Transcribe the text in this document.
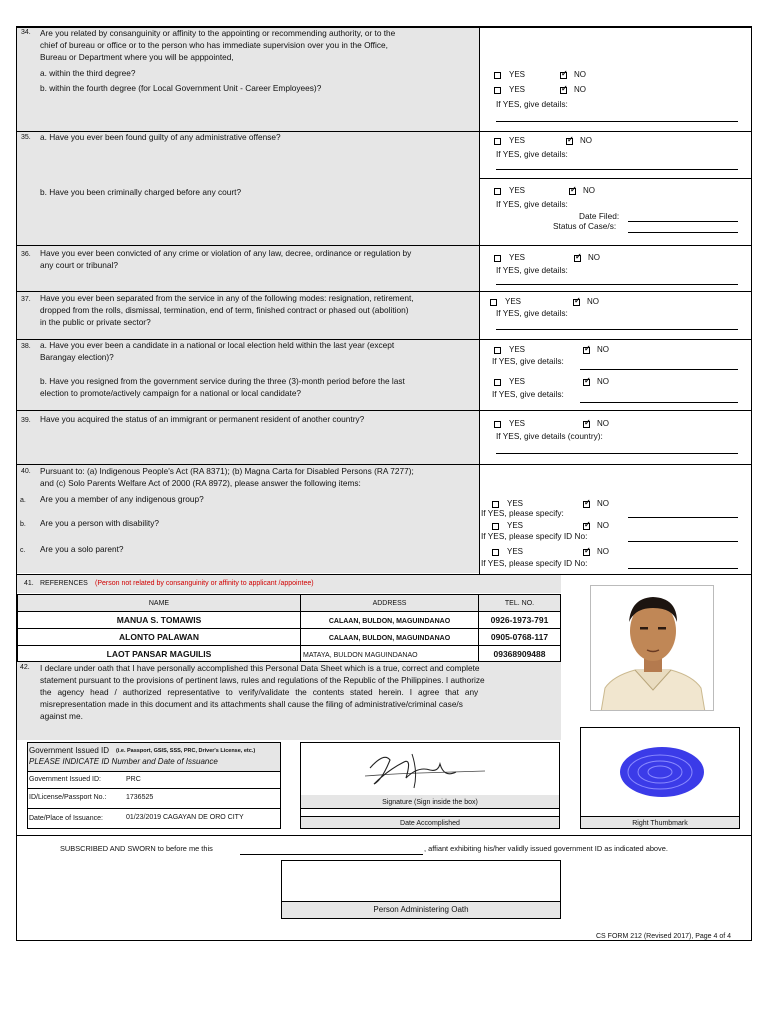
34. Are you related by consanguinity or affinity to the appointing or recommending authority, or to the
chief of bureau or office or to the person who has immediate supervision over you in the Office,
Bureau or Department where you will be apppointed,
a. within the third degree?
b. within the fourth degree (for Local Government Unit - Career Employees)?
YES ✓	NO
YES ✓	NO
If YES, give details:
35. a. Have you ever been found guilty of any administrative offense?
b. Have you been criminally charged before any court?
YES ✓	NO
If YES, give details:
YES ✓	NO
If YES, give details:
Date Filed:
Status of Case/s:
36. Have you ever been convicted of any crime or violation of any law, decree, ordinance or regulation by
any court or tribunal?
YES ✓	NO
If YES, give details:
37. Have you ever been separated from the service in any of the following modes: resignation, retirement,
dropped from the rolls, dismissal, termination, end of term, finished contract or phased out (abolition)
in the public or private sector?
YES ✓	NO
If YES, give details:
38. a. Have you ever been a candidate in a national or local election held within the last year (except
Barangay election)?
b. Have you resigned from the government service during the three (3)-month period before the last
election to promote/actively campaign for a national or local candidate?
YES ✓	NO
If YES, give details:
YES ✓	NO
If YES, give details:
39. Have you acquired the status of an immigrant or permanent resident of another country?	YES ✓	NO
If YES, give details (country):
40. Pursuant to: (a) Indigenous People's Act (RA 8371); (b) Magna Carta for Disabled Persons (RA 7277);
and (c) Solo Parents Welfare Act of 2000 (RA 8972), please answer the following items:
a. Are you a member of any indigenous group?
b. Are you a person with disability?
c. Are you a solo parent?
YES ✓	NO
If YES, please specify:
YES ✓	NO
If YES, please specify ID No:
YES ✓	NO
If YES, please specify ID No:
41. REFERENCES (Person not related by consanguinity or affinity to applicant /appointee)
NAME	ADDRESS	TEL. NO.
MANUA S. TOMAWIS	CALAAN, BULDON, MAGUINDANAO	0926-1973-791
ALONTO PALAWAN	CALAAN, BULDON, MAGUINDANAO	0905-0768-117
LAOT PANSAR MAGUILIS	MATAYA, BULDON MAGUINDANAO	09368909488
42. I declare under oath that I have personally accomplished this Personal Data Sheet which is a true, correct and complete
statement pursuant to the provisions of pertinent laws, rules and regulations of the Republic of the Philippines. I authorize
the agency head / authorized representative to verify/validate the contents stated herein. I agree that any
misrepresentation made in this document and its attachments shall cause the filing of administrative/criminal case/s
against me.
Government Issued ID (i.e. Passport, GSIS, SSS, PRC, Driver's License, etc.)
PLEASE INDICATE ID Number and Date of Issuance
Government Issued ID:	PRC
ID/License/Passport No.:	1736525
Date/Place of Issuance:	01/23/2019 CAGAYAN DE ORO CITY
Signature (Sign inside the box)
Date Accomplished	Right Thumbmark
SUBSCRIBED AND SWORN to before me this	, affiant exhibiting his/her validly issued government ID as indicated above.
Person Administering Oath
CS FORM 212 (Revised 2017), Page 4 of 4
